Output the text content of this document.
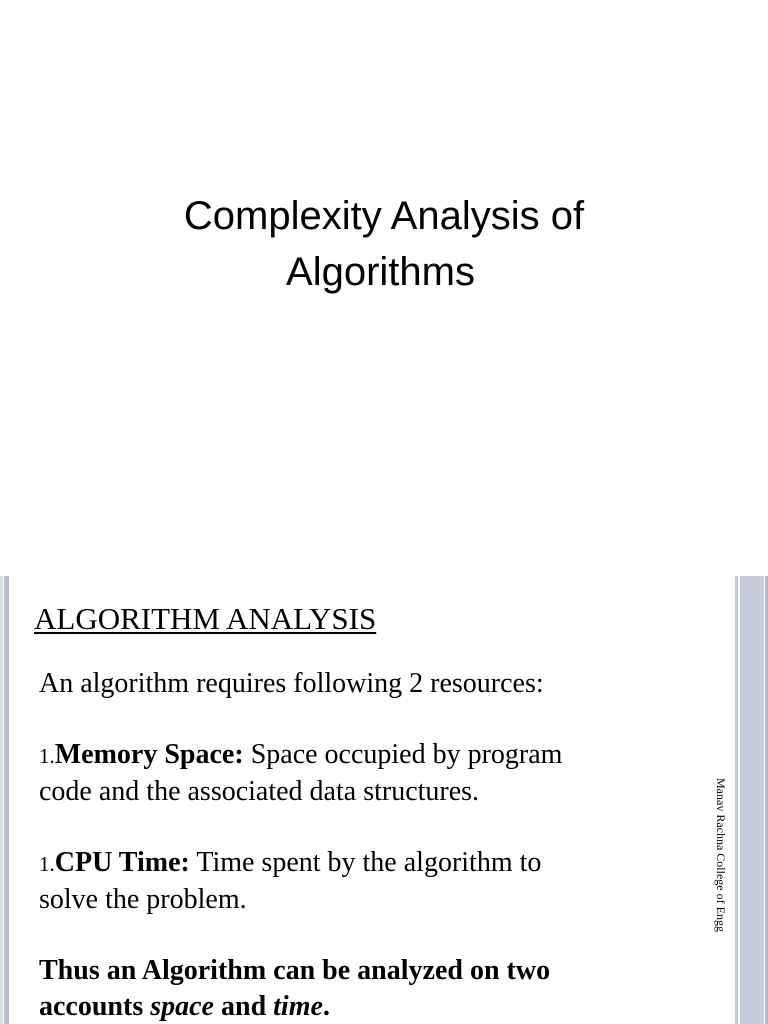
Complexity Analysis of
Algorithms
ALGORITHM ANALYSIS

An algorithm requires following 2 resources:

1.Memory Space: Space occupied by program
code and the associated data structures.

1.CPU Time: Time spent by the algorithm to
solve the problem.

Thus an Algorithm can be analyzed on two
accounts space and time.

Manav Rachna College of Engg
